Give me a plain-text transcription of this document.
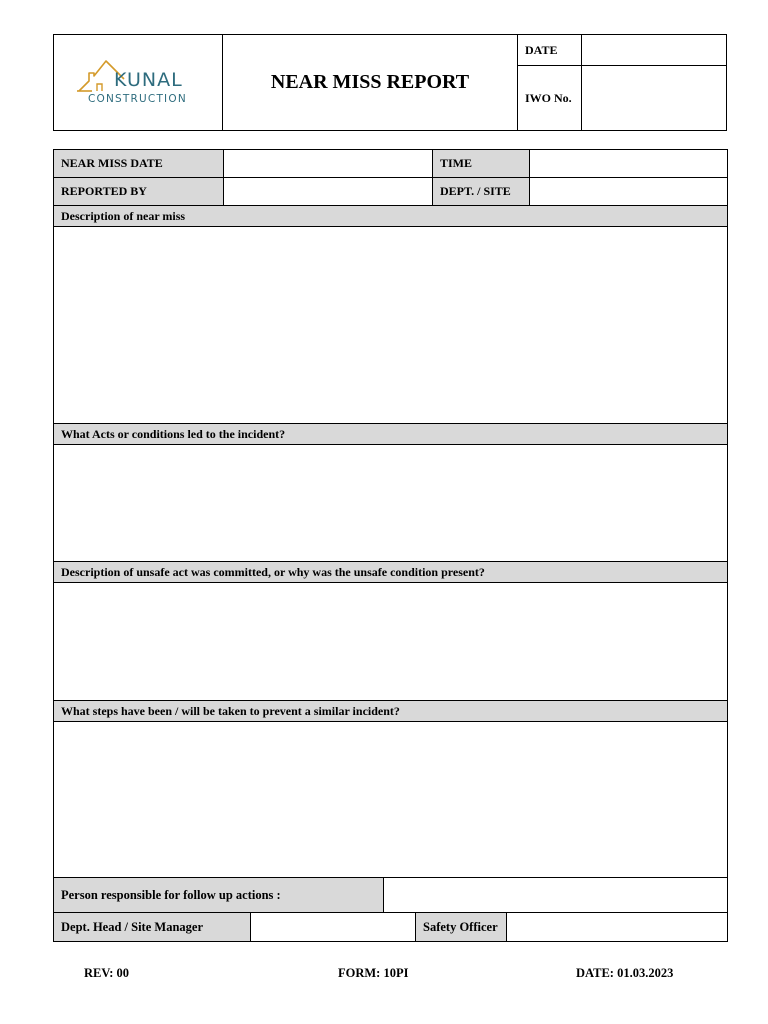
KUNAL
CONSTRUCTION
NEAR MISS REPORT
DATE
IWO No.
NEAR MISS DATE	TIME
REPORTED BY	DEPT. / SITE
Description of near miss
What Acts or conditions led to the incident?
Description of unsafe act was committed, or why was the unsafe condition present?
What steps have been / will be taken to prevent a similar incident?
Person responsible for follow up actions :
Dept. Head / Site Manager	Safety Officer
REV: 00	FORM: 10PI	DATE: 01.03.2023
